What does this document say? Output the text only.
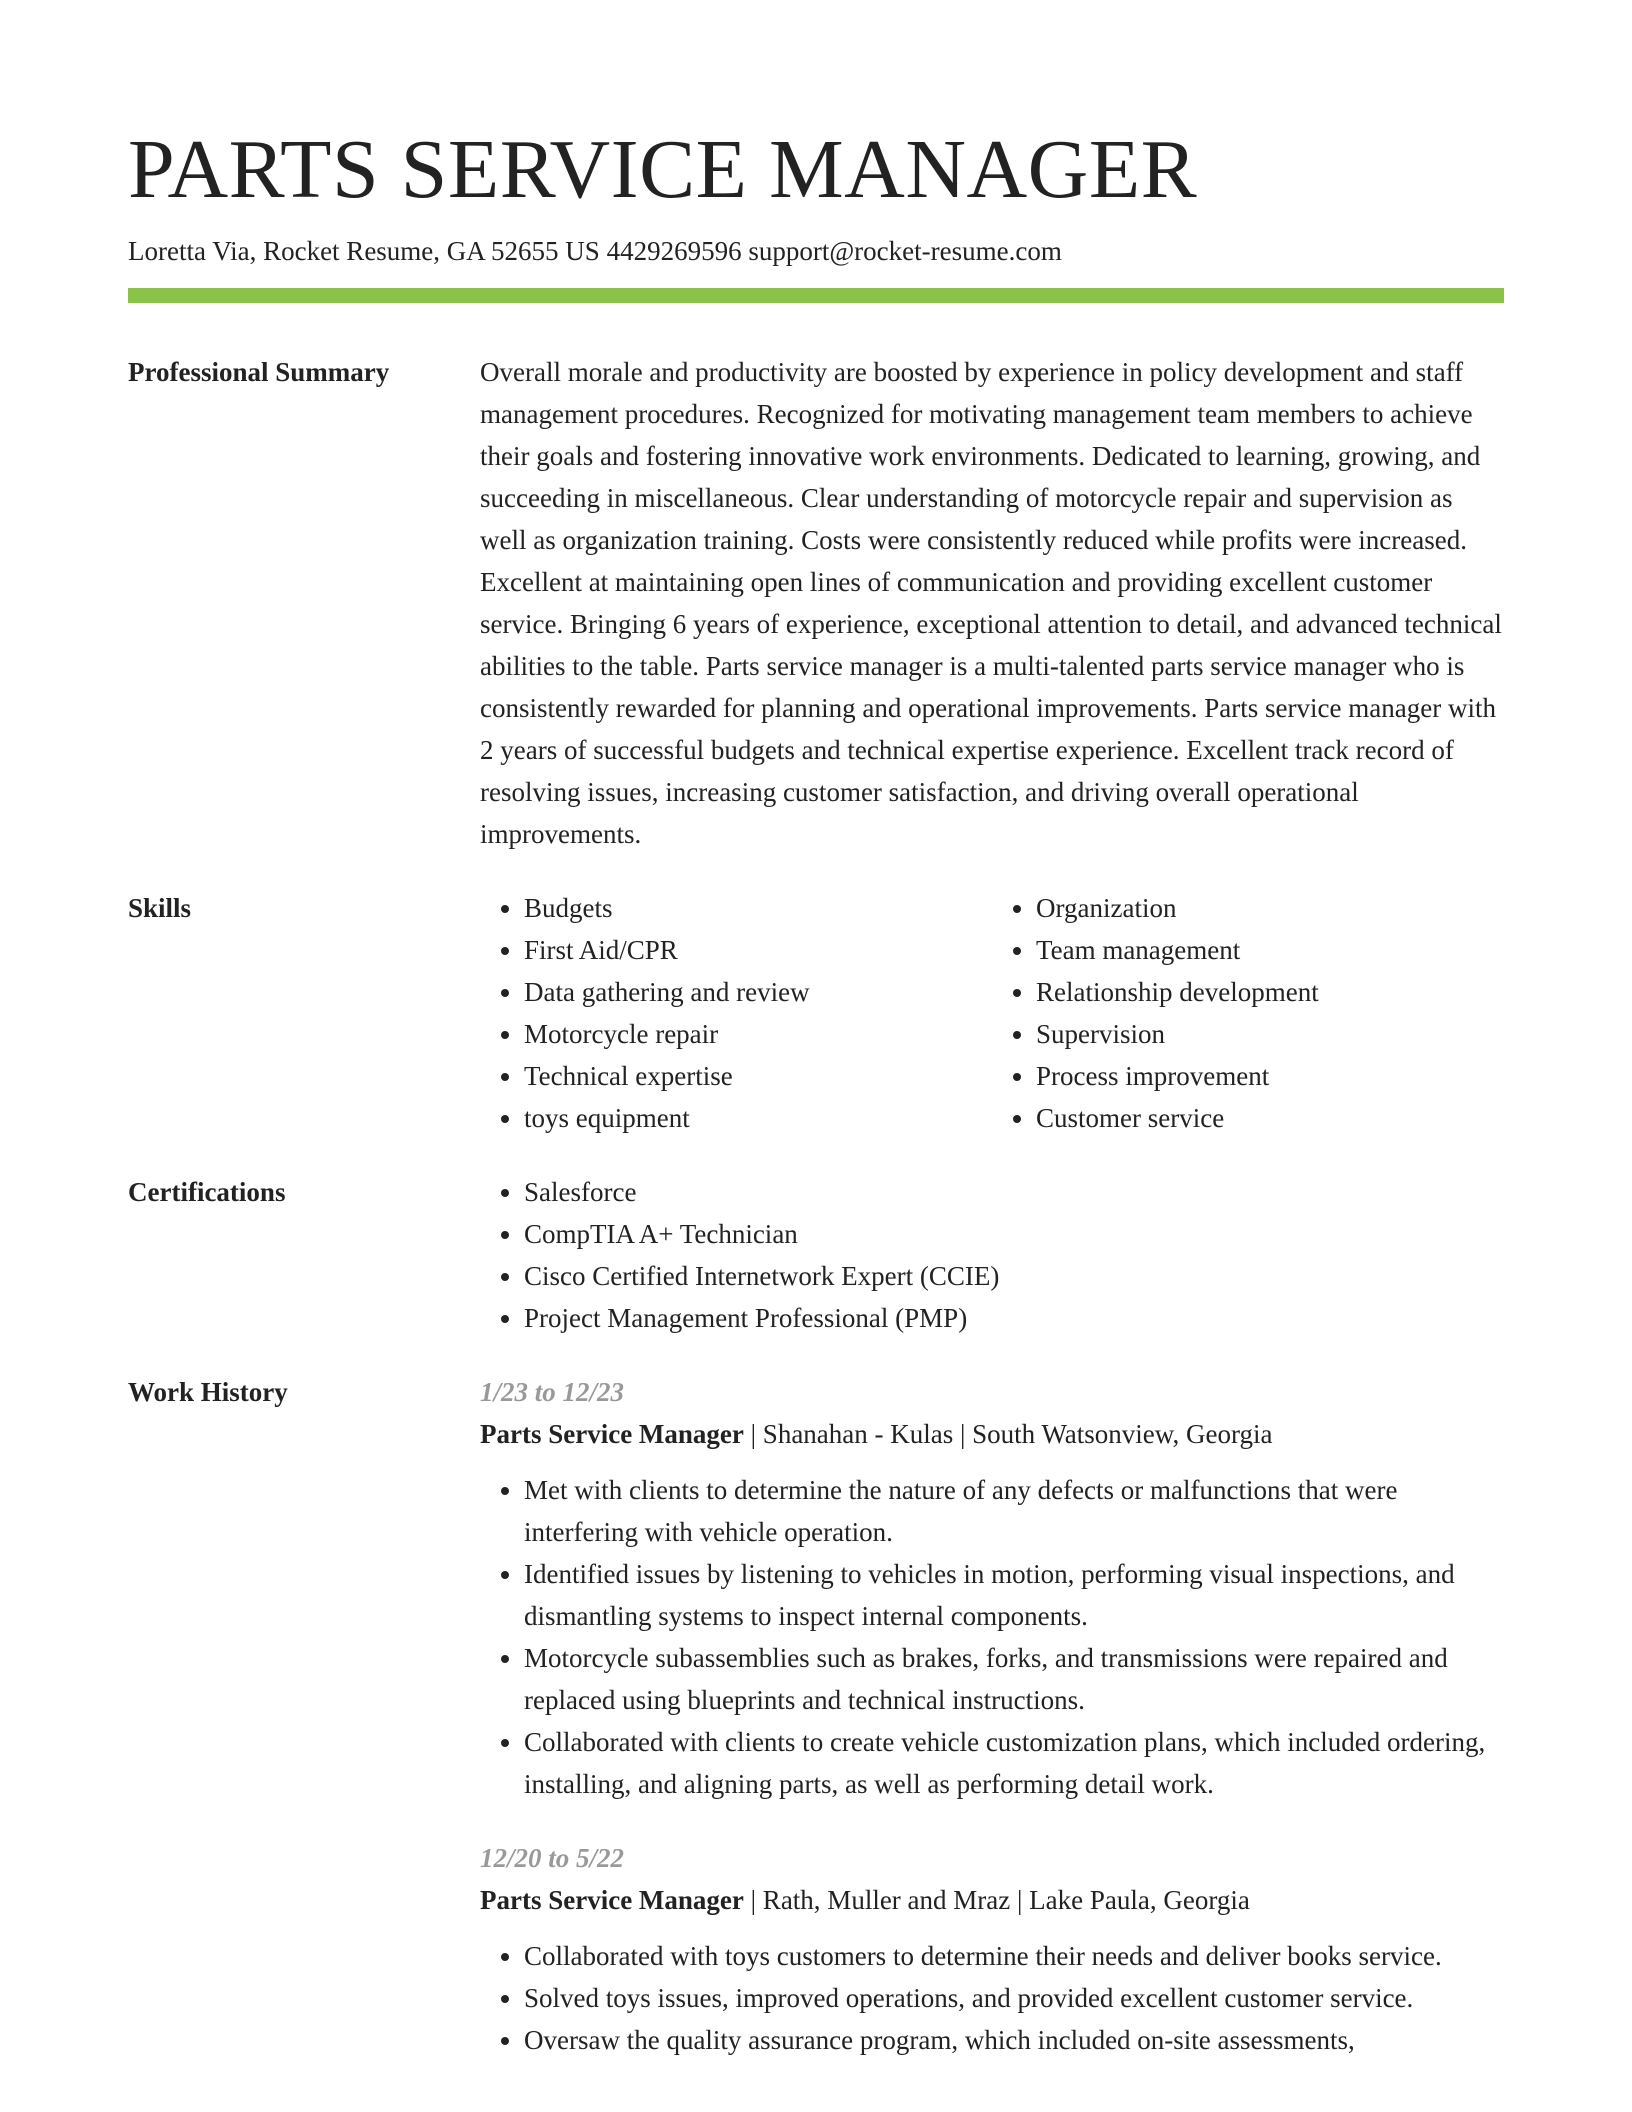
PARTS SERVICE MANAGER
Loretta Via, Rocket Resume, GA 52655 US 4429269596 support@rocket-resume.com
Professional Summary	Overall morale and productivity are boosted by experience in policy development and staff management procedures. Recognized for motivating management team members to achieve their goals and fostering innovative work environments. Dedicated to learning, growing, and succeeding in miscellaneous. Clear understanding of motorcycle repair and supervision as well as organization training. Costs were consistently reduced while profits were increased. Excellent at maintaining open lines of communication and providing excellent customer service. Bringing 6 years of experience, exceptional attention to detail, and advanced technical abilities to the table. Parts service manager is a multi-talented parts service manager who is consistently rewarded for planning and operational improvements. Parts service manager with 2 years of successful budgets and technical expertise experience. Excellent track record of resolving issues, increasing customer satisfaction, and driving overall operational improvements.

Skills	• Budgets
• First Aid/CPR
• Data gathering and review
• Motorcycle repair
• Technical expertise
• toys equipment
• Organization
• Team management
• Relationship development
• Supervision
• Process improvement
• Customer service
Certifications	• Salesforce
• CompTIA A+ Technician
• Cisco Certified Internetwork Expert (CCIE)
• Project Management Professional (PMP)
Work History	1/23 to 12/23
Parts Service Manager | Shanahan - Kulas | South Watsonview, Georgia
• Met with clients to determine the nature of any defects or malfunctions that were interfering with vehicle operation.
• Identified issues by listening to vehicles in motion, performing visual inspections, and dismantling systems to inspect internal components.
• Motorcycle subassemblies such as brakes, forks, and transmissions were repaired and replaced using blueprints and technical instructions.
• Collaborated with clients to create vehicle customization plans, which included ordering, installing, and aligning parts, as well as performing detail work.
12/20 to 5/22
Parts Service Manager | Rath, Muller and Mraz | Lake Paula, Georgia
• Collaborated with toys customers to determine their needs and deliver books service.
• Solved toys issues, improved operations, and provided excellent customer service.
• Oversaw the quality assurance program, which included on-site assessments,
